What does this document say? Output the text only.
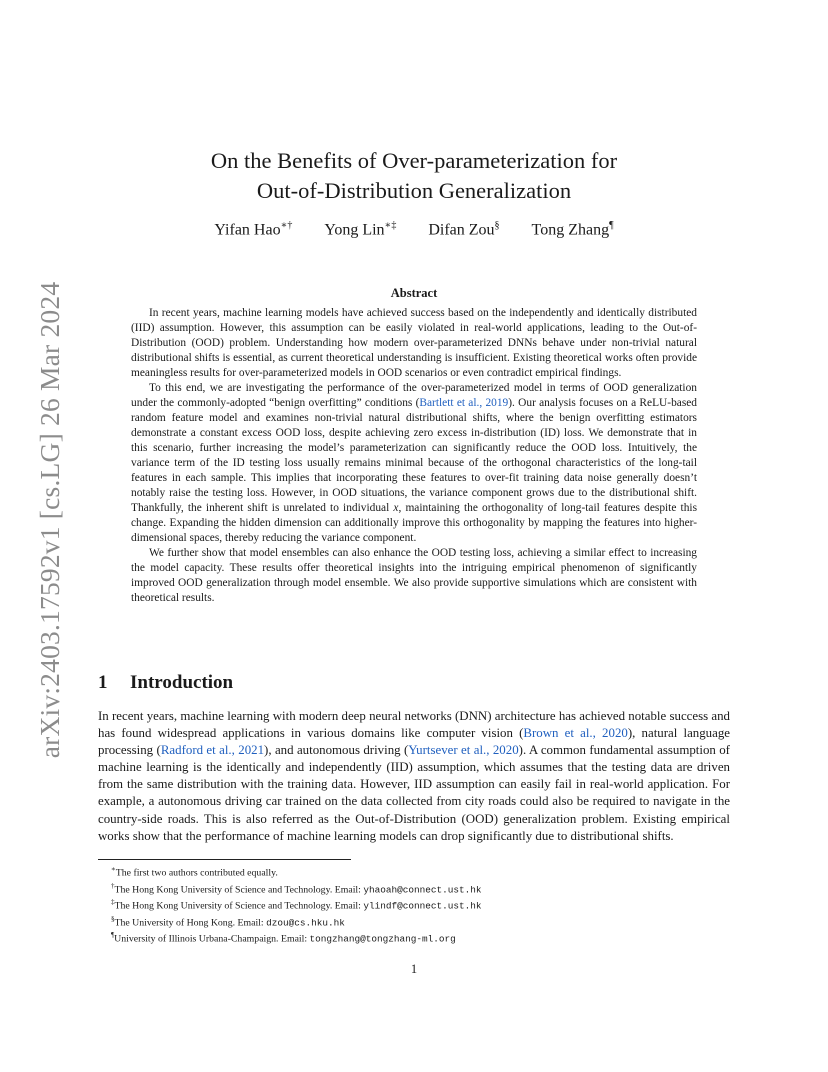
arXiv:2403.17592v1 [cs.LG] 26 Mar 2024
On the Benefits of Over-parameterization for
Out-of-Distribution Generalization
Yifan Hao∗† Yong Lin∗‡ Difan Zou§ Tong Zhang¶
Abstract

In recent years, machine learning models have achieved success based on the independently and identically distributed (IID) assumption. However, this assumption can be easily violated in real-world applications, leading to the Out-of-Distribution (OOD) problem. Understanding how modern over-parameterized DNNs behave under non-trivial natural distributional shifts is essential, as current theoretical understanding is insufficient. Existing theoretical works often provide meaningless results for over-parameterized models in OOD scenarios or even contradict empirical findings.

To this end, we are investigating the performance of the over-parameterized model in terms of OOD generalization under the commonly-adopted “benign overfitting” conditions (Bartlett et al., 2019). Our analysis focuses on a ReLU-based random feature model and examines non-trivial natural distributional shifts, where the benign overfitting estimators demonstrate a constant excess OOD loss, despite achieving zero excess in-distribution (ID) loss. We demonstrate that in this scenario, further increasing the model’s parameterization can significantly reduce the OOD loss. Intuitively, the variance term of the ID testing loss usually remains minimal because of the orthogonal characteristics of the long-tail features in each sample. This implies that incorporating these features to over-fit training data noise generally doesn’t notably raise the testing loss. However, in OOD situations, the variance component grows due to the distributional shift. Thankfully, the inherent shift is unrelated to individual x, maintaining the orthogonality of long-tail features despite this change. Expanding the hidden dimension can additionally improve this orthogonality by mapping the features into higher-dimensional spaces, thereby reducing the variance component.

We further show that model ensembles can also enhance the OOD testing loss, achieving a similar effect to increasing the model capacity. These results offer theoretical insights into the intriguing empirical phenomenon of significantly improved OOD generalization through model ensemble. We also provide supportive simulations which are consistent with theoretical results.

1 Introduction

In recent years, machine learning with modern deep neural networks (DNN) architecture has achieved notable success and has found widespread applications in various domains like computer vision (Brown et al., 2020), natural language processing (Radford et al., 2021), and autonomous driving (Yurtsever et al., 2020). A common fundamental assumption of machine learning is the identically and independently (IID) assumption, which assumes that the testing data are driven from the same distribution with the training data. However, IID assumption can easily fail in real-world application. For example, a autonomous driving car trained on the data collected from city roads could also be required to navigate in the country-side roads. This is also referred as the Out-of-Distribution (OOD) generalization problem. Existing empirical works show that the performance of machine learning models can drop significantly due to distributional shifts.

∗The first two authors contributed equally.
†The Hong Kong University of Science and Technology. Email: yhaoah@connect.ust.hk
‡The Hong Kong University of Science and Technology. Email: ylindf@connect.ust.hk
§The University of Hong Kong. Email: dzou@cs.hku.hk
¶University of Illinois Urbana-Champaign. Email: tongzhang@tongzhang-ml.org
1
